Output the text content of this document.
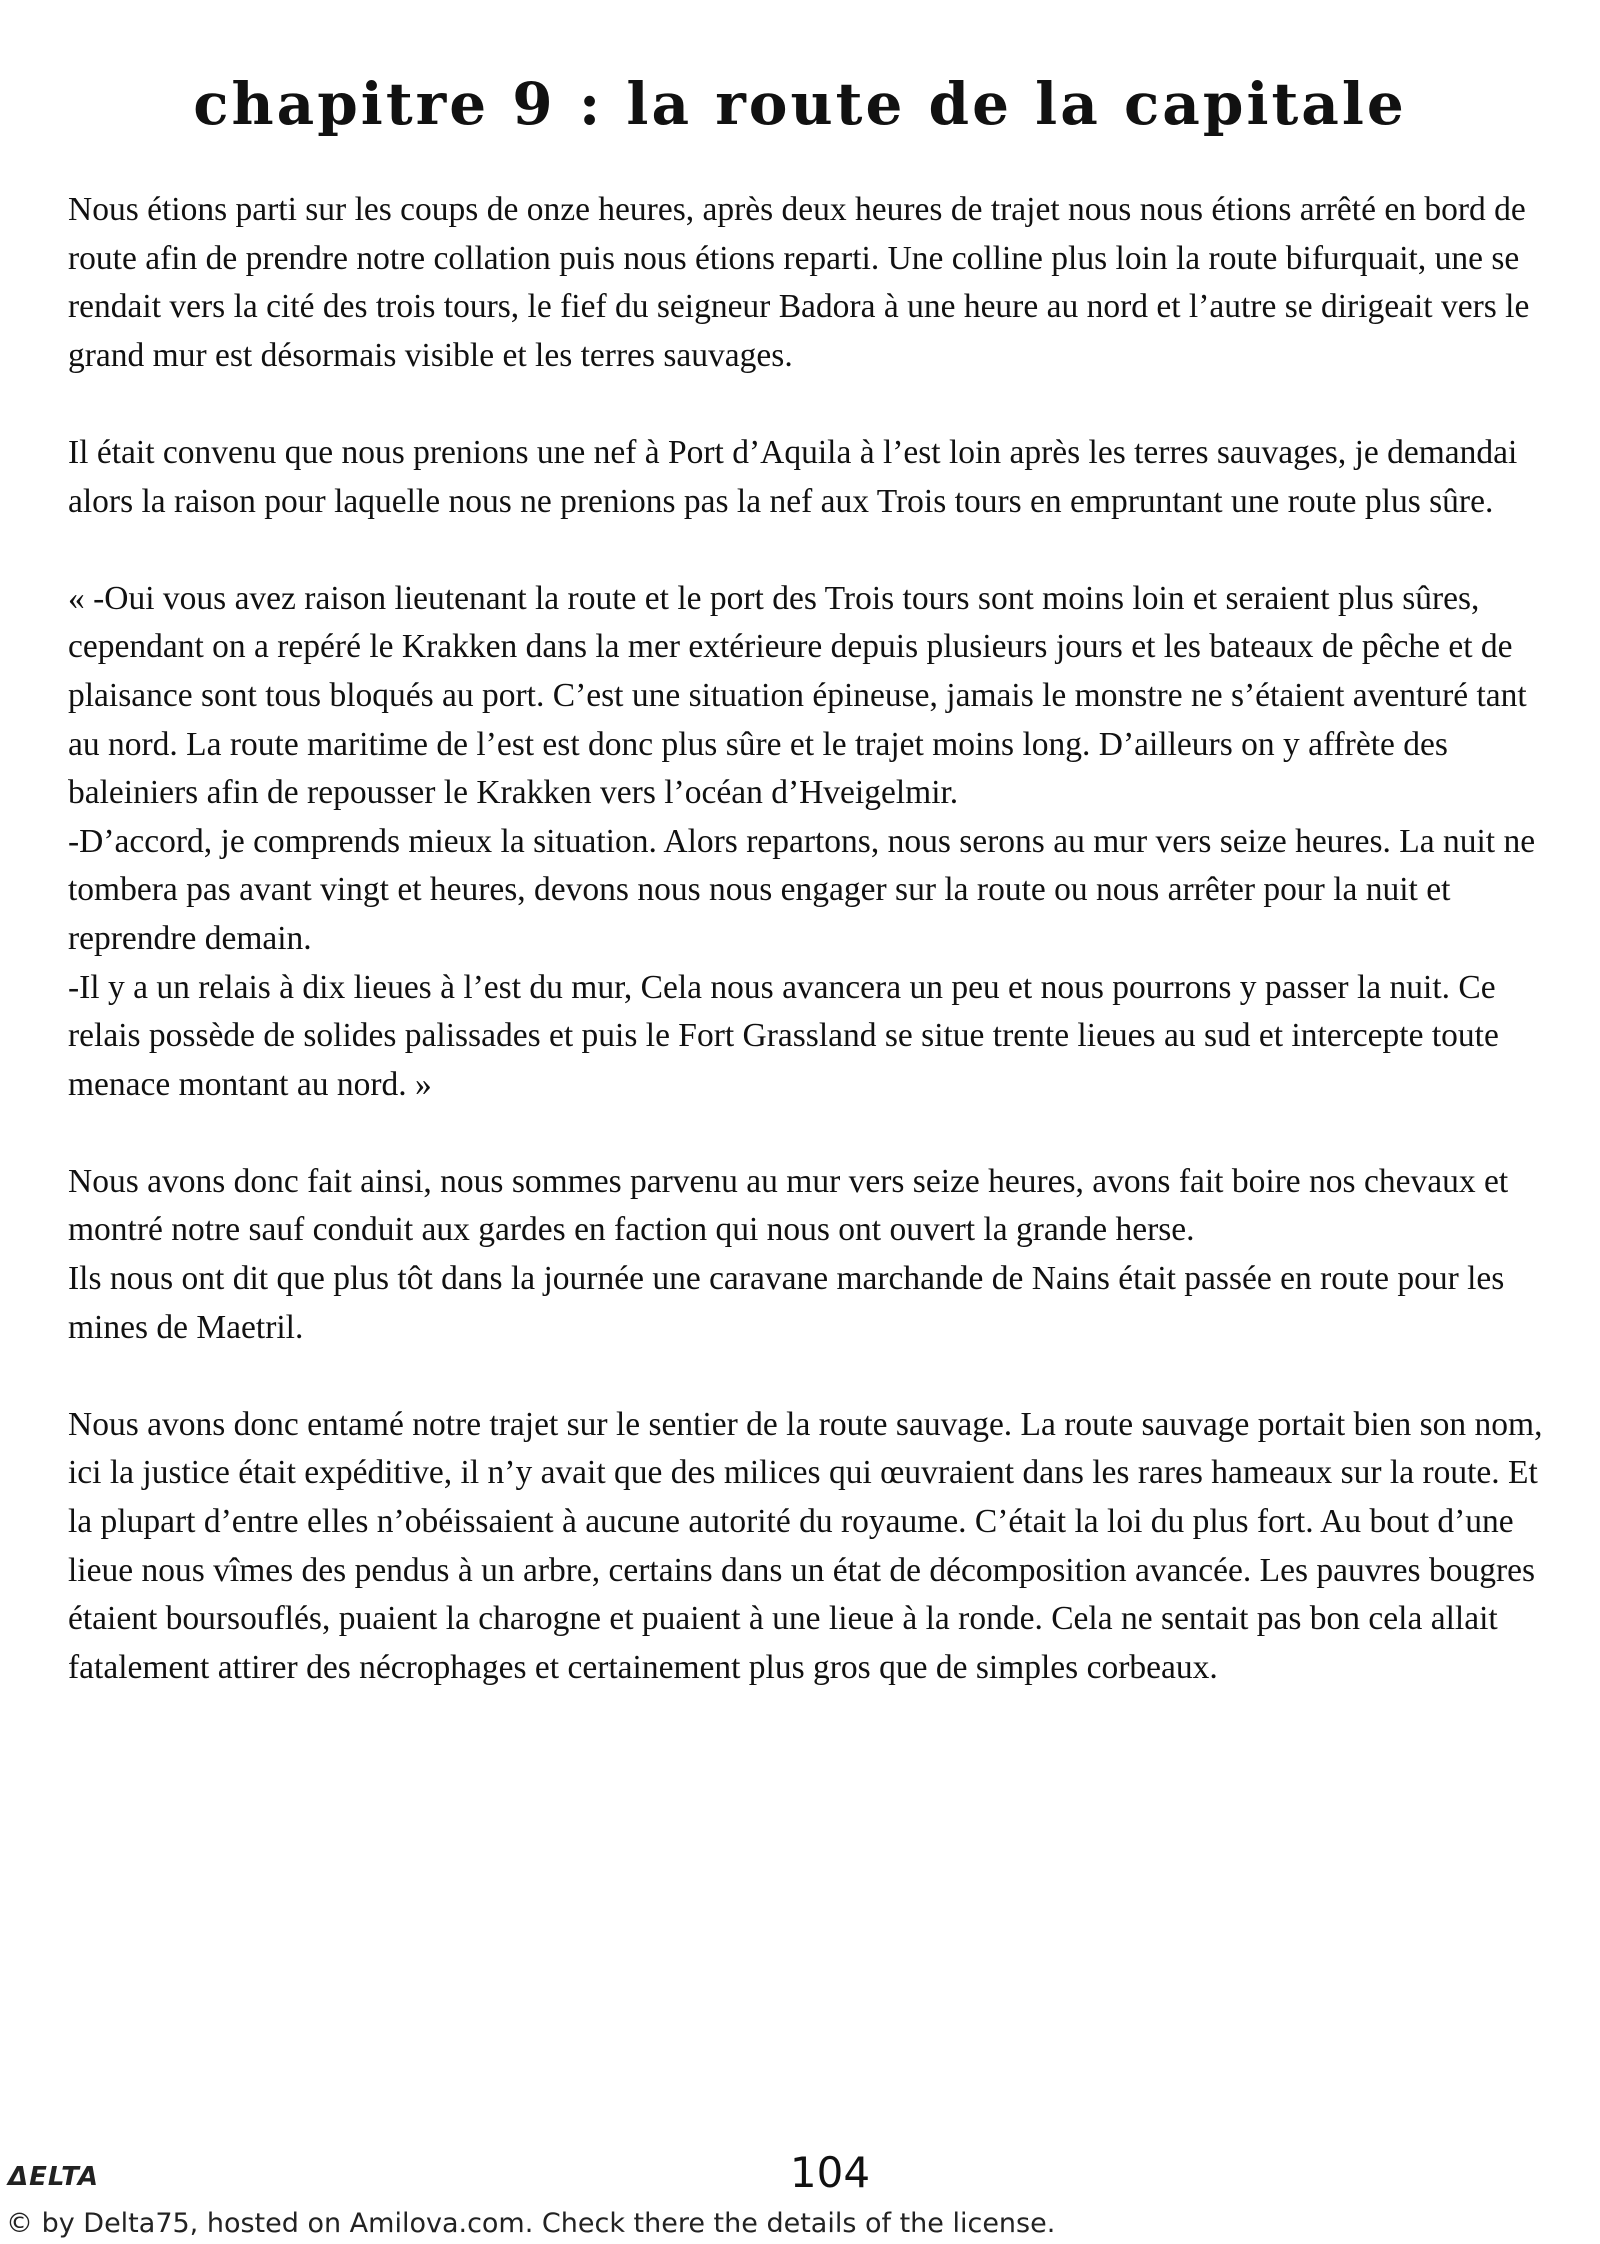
chapitre 9 : la route de la capitale

Nous étions parti sur les coups de onze heures, après deux heures de trajet nous nous étions arrêté en bord de route afin de prendre notre collation puis nous étions reparti. Une colline plus loin la route bifurquait, une se rendait vers la cité des trois tours, le fief du seigneur Badora à une heure au nord et l’autre se dirigeait vers le grand mur est désormais visible et les terres sauvages.

Il était convenu que nous prenions une nef à Port d’Aquila à l’est loin après les terres sauvages, je demandai alors la raison pour laquelle nous ne prenions pas la nef aux Trois tours en empruntant une route plus sûre.

« -Oui vous avez raison lieutenant la route et le port des Trois tours sont moins loin et seraient plus sûres, cependant on a repéré le Krakken dans la mer extérieure depuis plusieurs jours et les bateaux de pêche et de plaisance sont tous bloqués au port. C’est une situation épineuse, jamais le monstre ne s’étaient aventuré tant au nord. La route maritime de l’est est donc plus sûre et le trajet moins long. D’ailleurs on y affrète des baleiniers afin de repousser le Krakken vers l’océan d’Hveigelmir.

-D’accord, je comprends mieux la situation. Alors repartons, nous serons au mur vers seize heures. La nuit ne tombera pas avant vingt et heures, devons nous nous engager sur la route ou nous arrêter pour la nuit et reprendre demain.

-Il y a un relais à dix lieues à l’est du mur, Cela nous avancera un peu et nous pourrons y passer la nuit. Ce relais possède de solides palissades et puis le Fort Grassland se situe trente lieues au sud et intercepte toute menace montant au nord. »

Nous avons donc fait ainsi, nous sommes parvenu au mur vers seize heures, avons fait boire nos chevaux et montré notre sauf conduit aux gardes en faction qui nous ont ouvert la grande herse.

Ils nous ont dit que plus tôt dans la journée une caravane marchande de Nains était passée en route pour les mines de Maetril.

Nous avons donc entamé notre trajet sur le sentier de la route sauvage. La route sauvage portait bien son nom, ici la justice était expéditive, il n’y avait que des milices qui œuvraient dans les rares hameaux sur la route. Et la plupart d’entre elles n’obéissaient à aucune autorité du royaume. C’était la loi du plus fort. Au bout d’une lieue nous vîmes des pendus à un arbre, certains dans un état de décomposition avancée. Les pauvres bougres étaient boursouflés, puaient la charogne et puaient à une lieue à la ronde. Cela ne sentait pas bon cela allait fatalement attirer des nécrophages et certainement plus gros que de simples corbeaux.

ΔELTA	104
© by Delta75, hosted on Amilova.com. Check there the details of the license.
